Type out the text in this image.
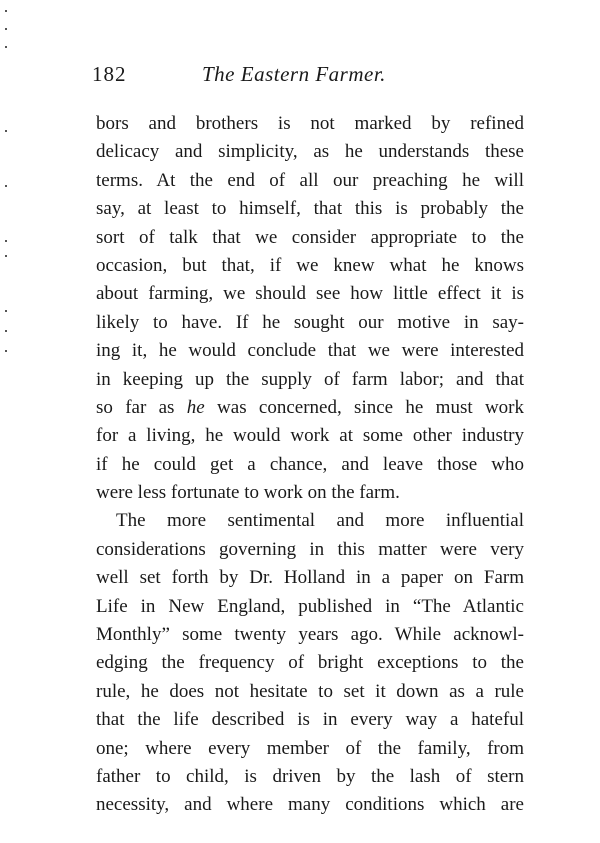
182	The Eastern Farmer.
bors and brothers is not marked by refined
delicacy and simplicity, as he understands these
terms. At the end of all our preaching he will
say, at least to himself, that this is probably the
sort of talk that we consider appropriate to the
occasion, but that, if we knew what he knows
about farming, we should see how little effect it is
likely to have. If he sought our motive in say-
ing it, he would conclude that we were interested
in keeping up the supply of farm labor; and that
so far as he was concerned, since he must work
for a living, he would work at some other industry
if he could get a chance, and leave those who
were less fortunate to work on the farm.
The more sentimental and more influential
considerations governing in this matter were very
well set forth by Dr. Holland in a paper on Farm
Life in New England, published in “The Atlantic
Monthly” some twenty years ago. While acknowl-
edging the frequency of bright exceptions to the
rule, he does not hesitate to set it down as a rule
that the life described is in every way a hateful
one; where every member of the family, from
father to child, is driven by the lash of stern
necessity, and where many conditions which are
